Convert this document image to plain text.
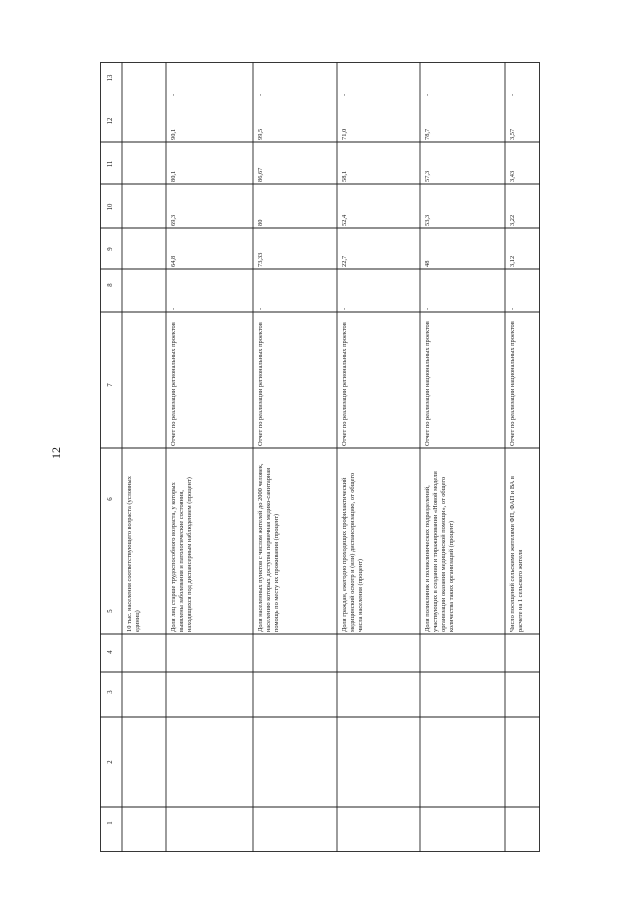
12
1
2
3
4
5
6
7
8
9
10
11
12
13
10 тыс. населения соответствующего возраста (условных единиц)	Доля лиц старше трудоспособного возраста, у которых выявлены заболевания и патологические состояния, находящихся под диспансерным наблюдением (процент)
Отчет по реализации региональных проектов
-
64,8
69,3
80,1
90,1
-
Доля населенных пунктов с числом жителей до 2000 человек, населению которых доступна первичная медико-санитарная помощь по месту их проживания (процент)
Отчет по реализации региональных проектов
-
73,33
80
86,67
99,5
-
Доля граждан, ежегодно проходящих профилактический медицинский осмотр и (или) диспансеризацию, от общего числа населения (процент)
Отчет по реализации региональных проектов
-
22,7
52,4
58,1
71,0
-
Доля поликлиник и поликлинических подразделений, участвующих в создании и тиражировании «Новой модели организации оказания медицинской помощи», от общего количества таких организаций (процент)
Отчет по реализации национальных проектов
-
48
53,3
57,3
78,7
-
Число посещений сельскими жителями ФП, ФАП и ВА в расчете на 1 сельского жителя
Отчет по реализации национальных проектов
-
3,12
3,22
3,43
3,57
-
